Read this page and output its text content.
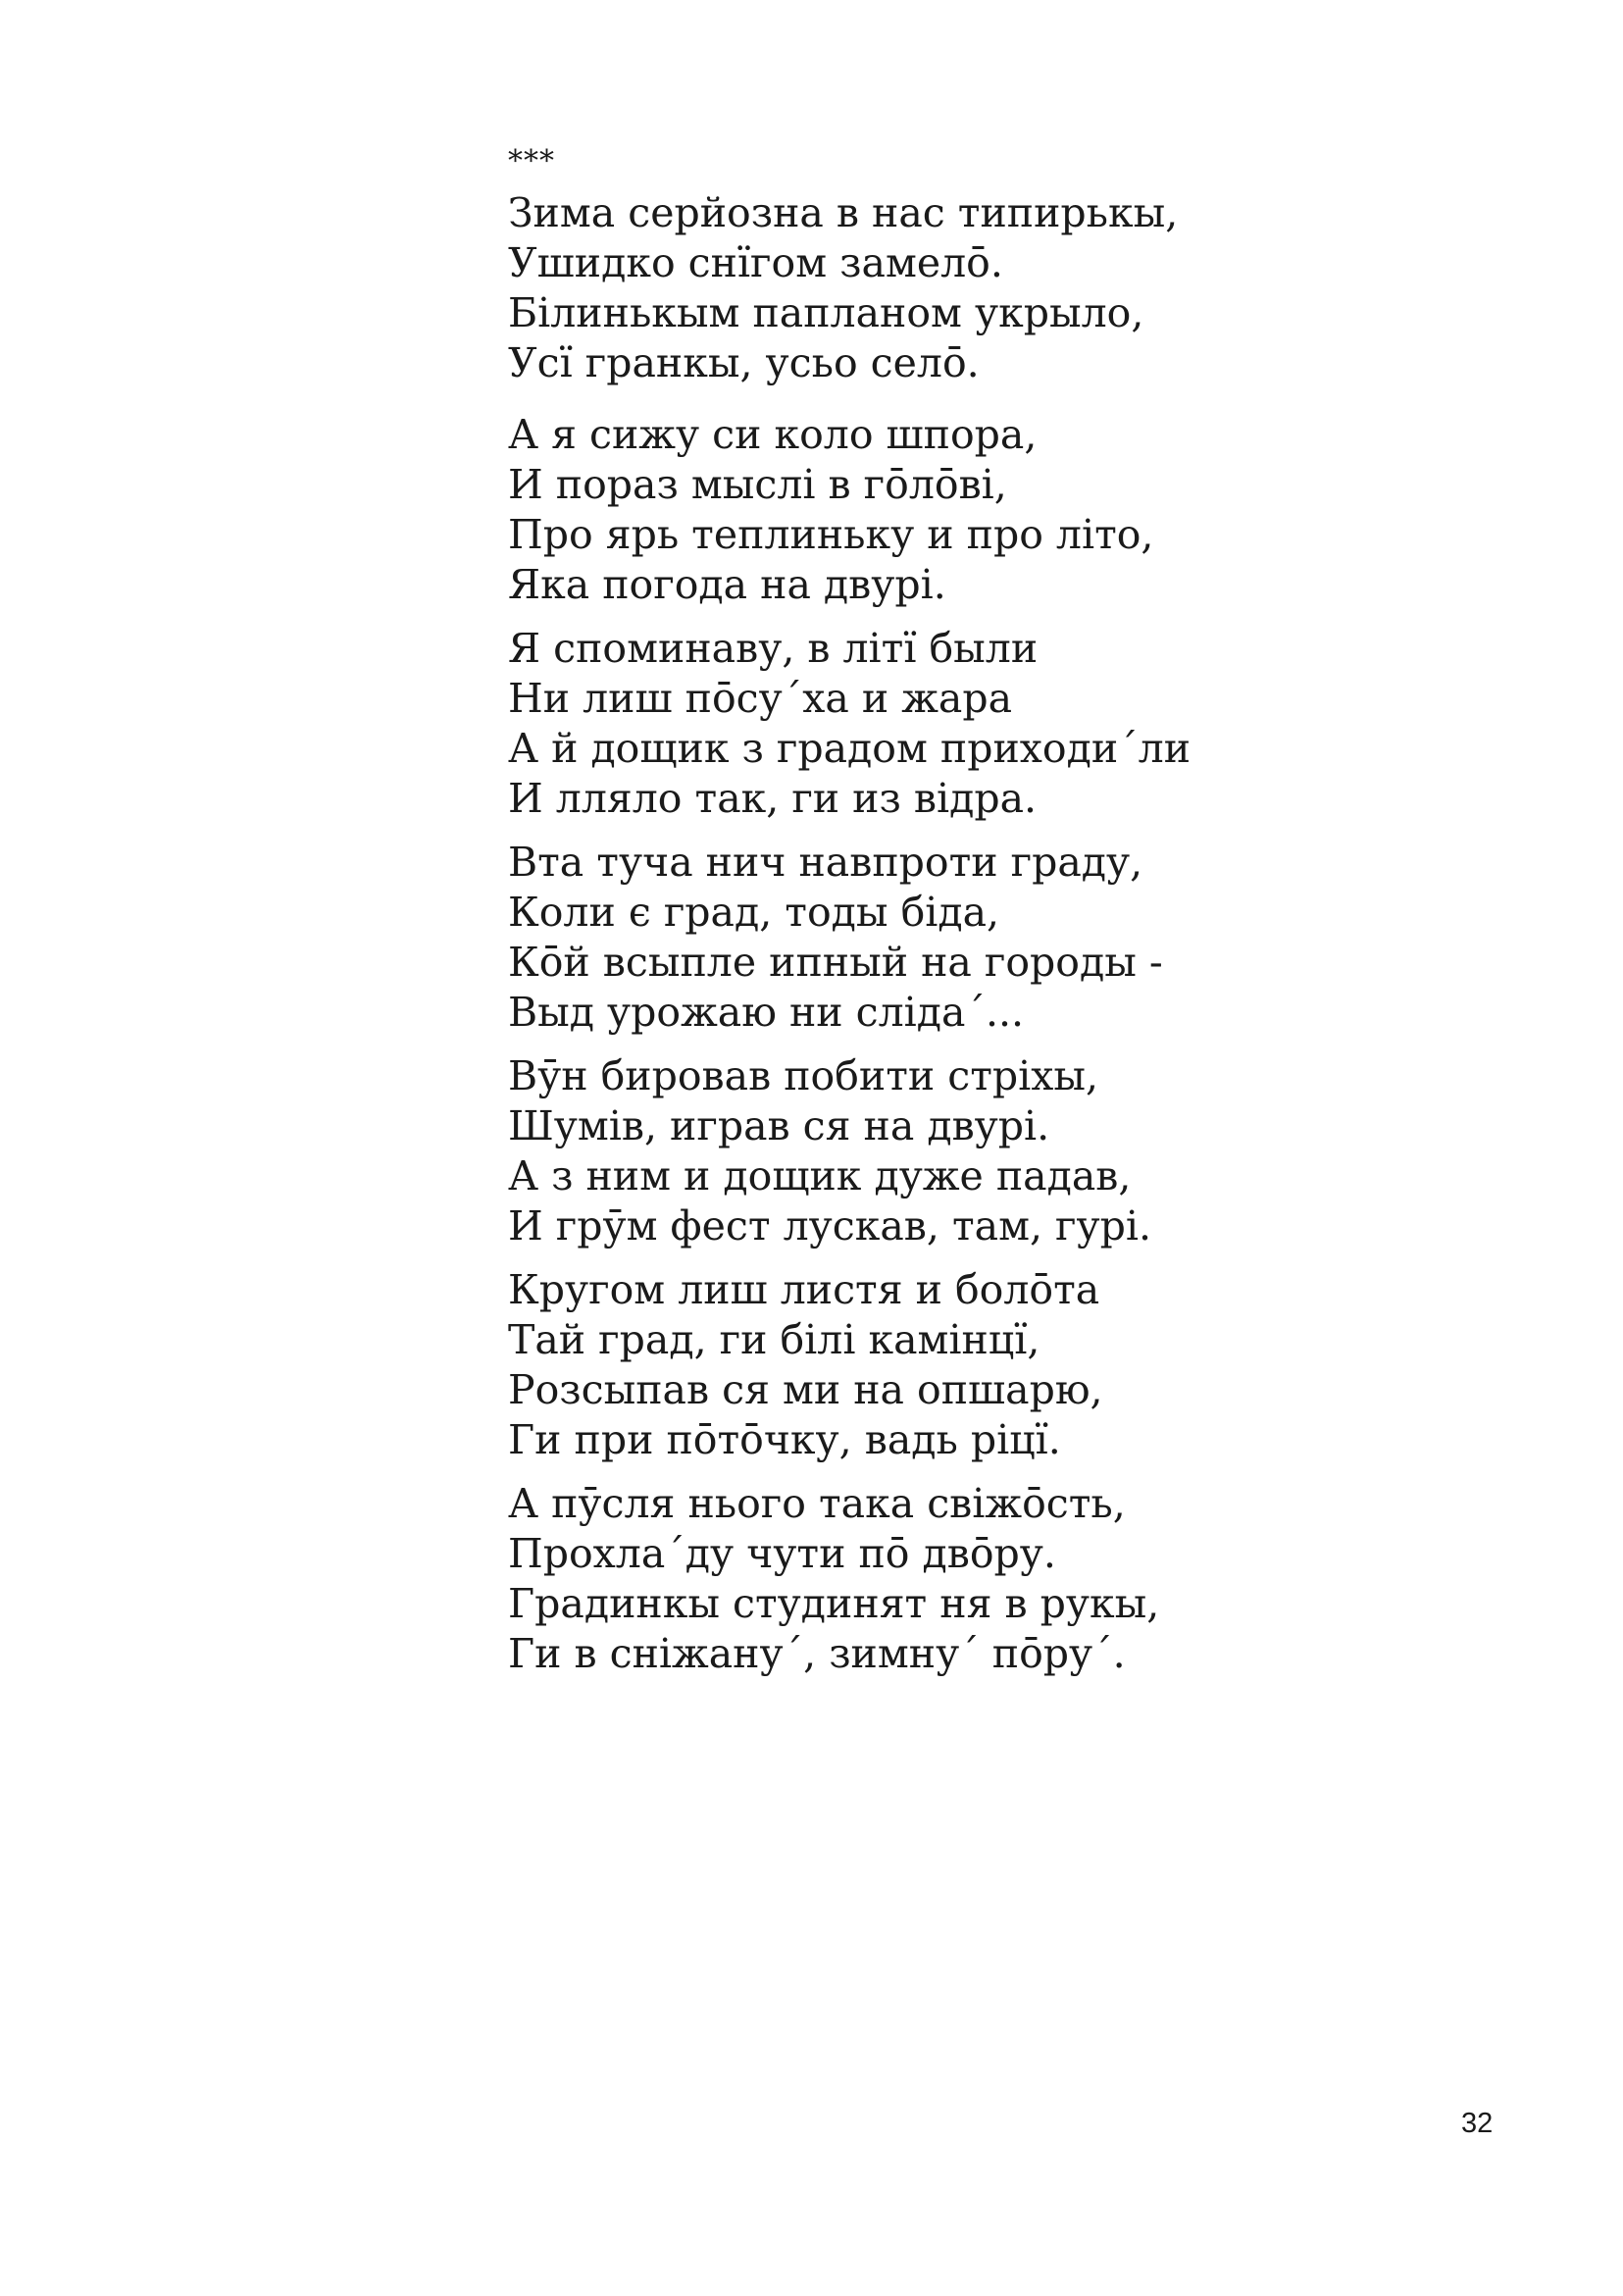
***
Зима серйозна в нас типирькы,
Ушидко снїгом замелō.
Білинькым папланом укрыло,
Усї гранкы, усьо селō.
А я сижу си коло шпора,
И пораз мыслі в гōлōві,
Про ярь теплиньку и про літо,
Яка погода на двурі.
Я споминаву, в літї были
Ни лиш пōсу´ха и жара
А й дощик з градом приходи´ли
И лляло так, ги из відра.
Вта туча нич навпроти граду,
Коли є град, тоды біда,
Кōй всыпле ипный на городы -
Выд урожаю ни сліда´...
Вӯн бировав побити стріхы,
Шумів, играв ся на двурі.
А з ним и дощик дуже падав,
И грӯм фест лускав, там, гурі.
Кругом лиш листя и болōта
Тай град, ги білі камінцї,
Розсыпав ся ми на опшарю,
Ги при пōтōчку, вадь ріцї.
А пӯсля нього така свіжōсть,
Прохла´ду чути пō двōру.
Градинкы студинят ня в рукы,
Ги в сніжану´, зимну´ пōру´.
32
